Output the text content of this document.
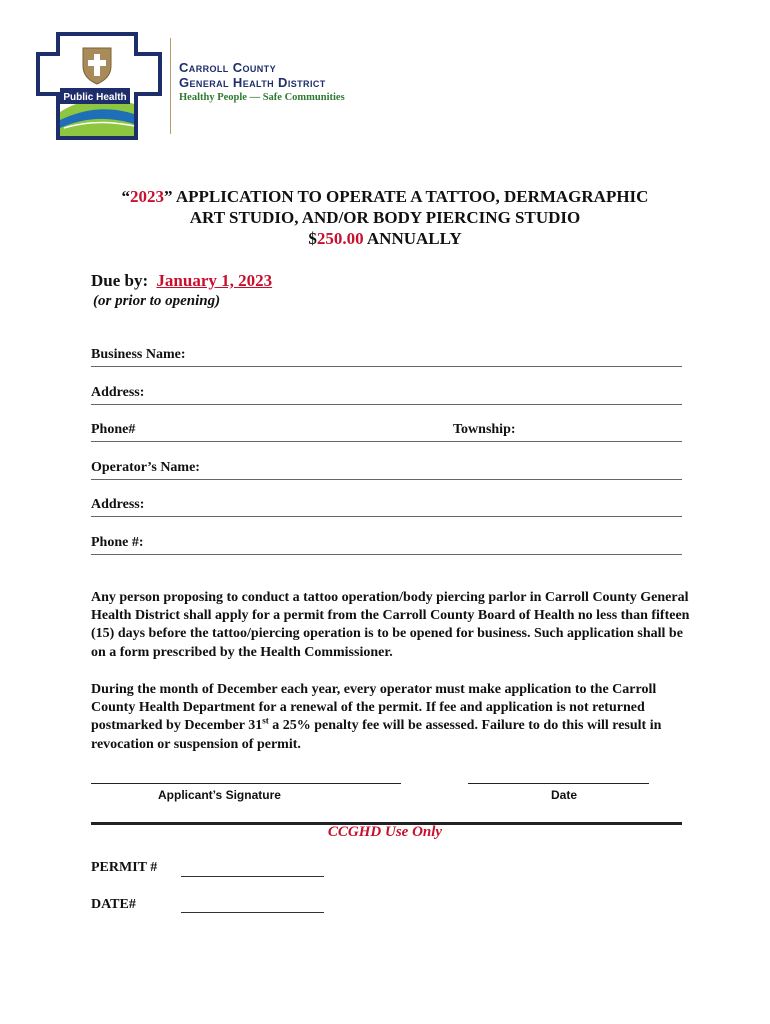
Public Health
Carroll County
General Health District
Healthy People — Safe Communities
“2023” APPLICATION TO OPERATE A TATTOO, DERMAGRAPHIC
ART STUDIO, AND/OR BODY PIERCING STUDIO
$250.00 ANNUALLY
Due by: January 1, 2023
(or prior to opening)
Business Name:
Address:
Phone#	Township:
Operator’s Name:
Address:
Phone #:
Any person proposing to conduct a tattoo operation/body piercing parlor in Carroll County General Health District shall apply for a permit from the Carroll County Board of Health no less than fifteen (15) days before the tattoo/piercing operation is to be opened for business. Such application shall be on a form prescribed by the Health Commissioner.
During the month of December each year, every operator must make application to the Carroll County Health Department for a renewal of the permit. If fee and application is not returned postmarked by December 31st a 25% penalty fee will be assessed. Failure to do this will result in revocation or suspension of permit.
Applicant’s Signature	Date
CCGHD Use Only
PERMIT #
DATE#
